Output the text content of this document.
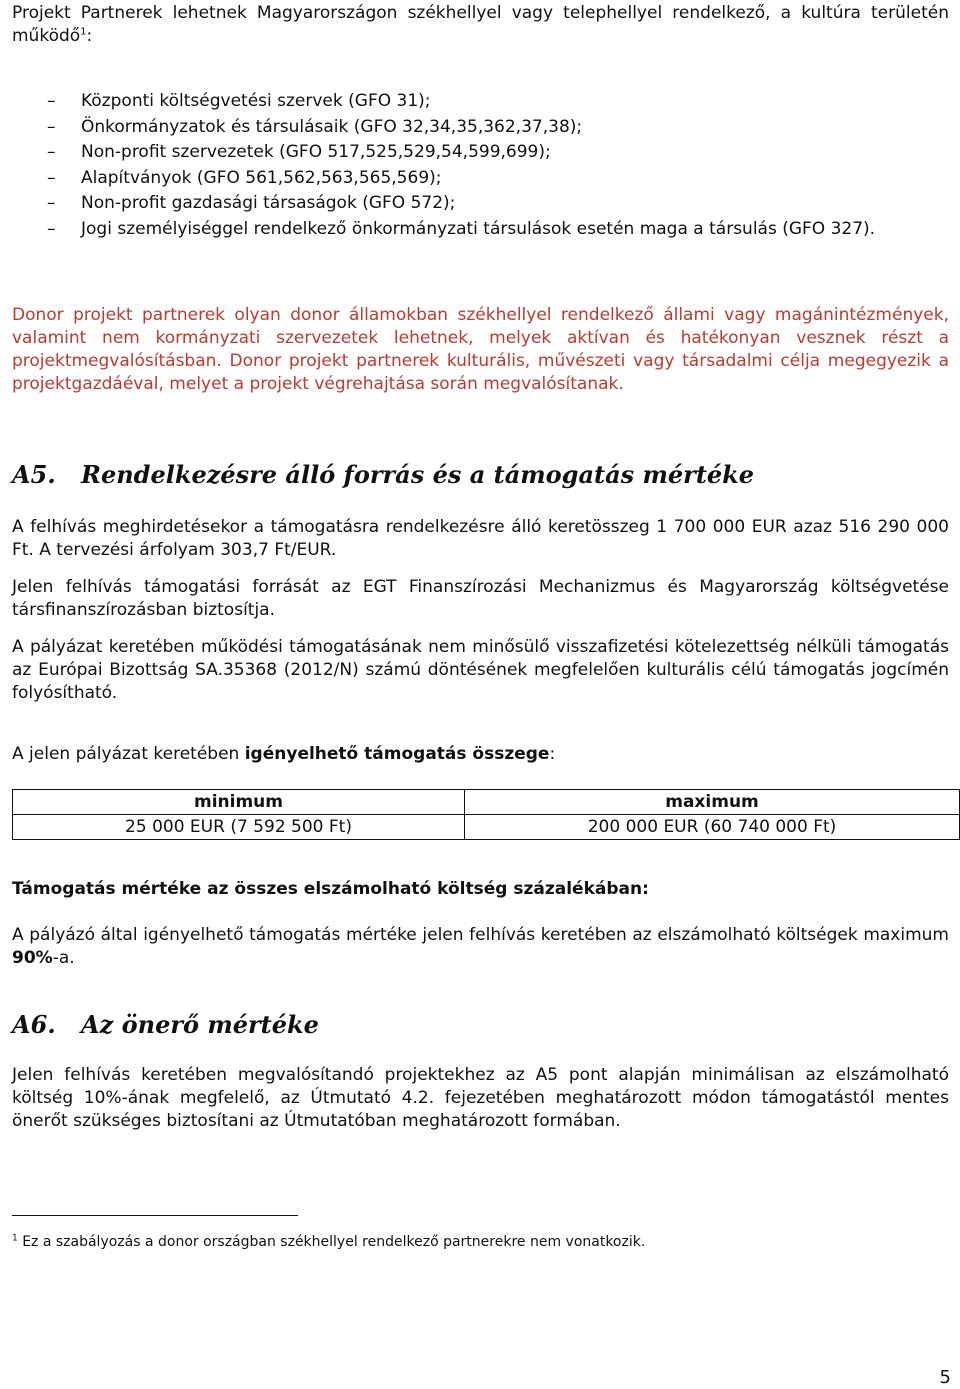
Projekt Partnerek lehetnek Magyarországon székhellyel vagy telephellyel rendelkező, a kultúra területén működő$^1$:

– Központi költségvetési szervek (GFO 31);
– Önkormányzatok és társulásaik (GFO 32,34,35,362,37,38);
– Non-profit szervezetek (GFO 517,525,529,54,599,699);
– Alapítványok (GFO 561,562,563,565,569);
– Non-profit gazdasági társaságok (GFO 572);
– Jogi személyiséggel rendelkező önkormányzati társulások esetén maga a társulás (GFO 327).

Donor projekt partnerek olyan donor államokban székhellyel rendelkező állami vagy magánintézmények, valamint nem kormányzati szervezetek lehetnek, melyek aktívan és hatékonyan vesznek részt a projektmegvalósításban. Donor projekt partnerek kulturális, művészeti vagy társadalmi célja megegyezik a projektgazdáéval, melyet a projekt végrehajtása során megvalósítanak.

A5. Rendelkezésre álló forrás és a támogatás mértéke

A felhívás meghirdetésekor a támogatásra rendelkezésre álló keretösszeg 1 700 000 EUR azaz 516 290 000 Ft. A tervezési árfolyam 303,7 Ft/EUR.

Jelen felhívás támogatási forrását az EGT Finanszírozási Mechanizmus és Magyarország költségvetése társfinanszírozásban biztosítja.

A pályázat keretében működési támogatásának nem minősülő visszafizetési kötelezettség nélküli támogatás az Európai Bizottság SA.35368 (2012/N) számú döntésének megfelelően kulturális célú támogatás jogcímén folyósítható.

A jelen pályázat keretében igényelhető támogatás összege:

minimum	maximum
25 000 EUR (7 592 500 Ft)	200 000 EUR (60 740 000 Ft)

Támogatás mértéke az összes elszámolható költség százalékában:

A pályázó által igényelhető támogatás mértéke jelen felhívás keretében az elszámolható költségek maximum 90%-a.

A6. Az önerő mértéke

Jelen felhívás keretében megvalósítandó projektekhez az A5 pont alapján minimálisan az elszámolható költség 10%-ának megfelelő, az Útmutató 4.2. fejezetében meghatározott módon támogatástól mentes önerőt szükséges biztosítani az Útmutatóban meghatározott formában.

$^1$ Ez a szabályozás a donor országban székhellyel rendelkező partnerekre nem vonatkozik.

5
